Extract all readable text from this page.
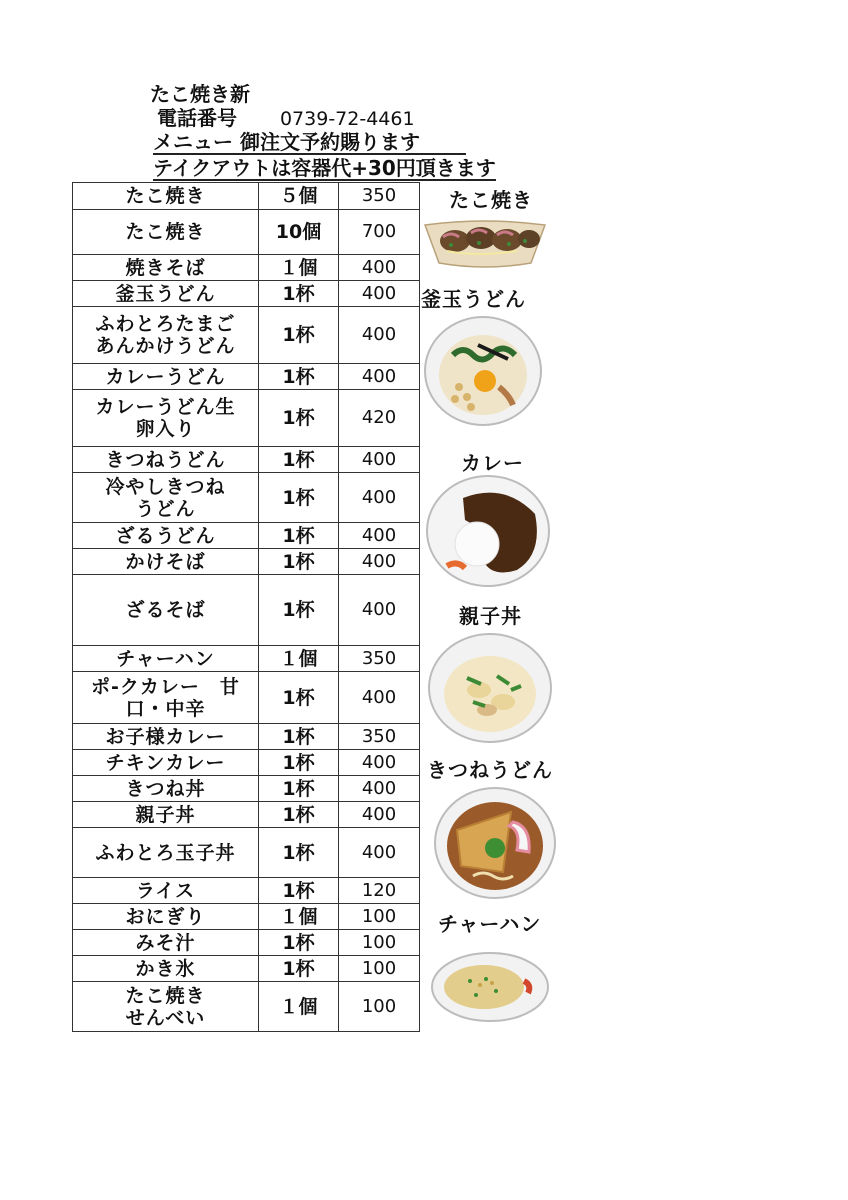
たこ焼き新
電話番号 0739-72-4461
メニュー 御注文予約賜ります
テイクアウトは容器代+30円頂きます
たこ焼き	５個	350
たこ焼き	10個	700
焼きそば	１個	400
釜玉うどん	1杯	400
ふわとろたまご
あんかけうどん	1杯	400
カレーうどん	1杯	400
カレーうどん生
卵入り	1杯	420
きつねうどん	1杯	400
冷やしきつね
うどん	1杯	400
ざるうどん	1杯	400
かけそば	1杯	400
ざるそば	1杯	400
チャーハン	１個	350
ポ-クカレー　甘
口・中辛	1杯	400
お子様カレー	1杯	350
チキンカレー	1杯	400
きつね丼	1杯	400
親子丼	1杯	400
ふわとろ玉子丼	1杯	400
ライス	1杯	120
おにぎり	１個	100
みそ汁	1杯	100
かき氷	1杯	100
たこ焼き
せんべい	１個	100
たこ焼き
釜玉うどん
カレー
親子丼
きつねうどん
チャーハン
